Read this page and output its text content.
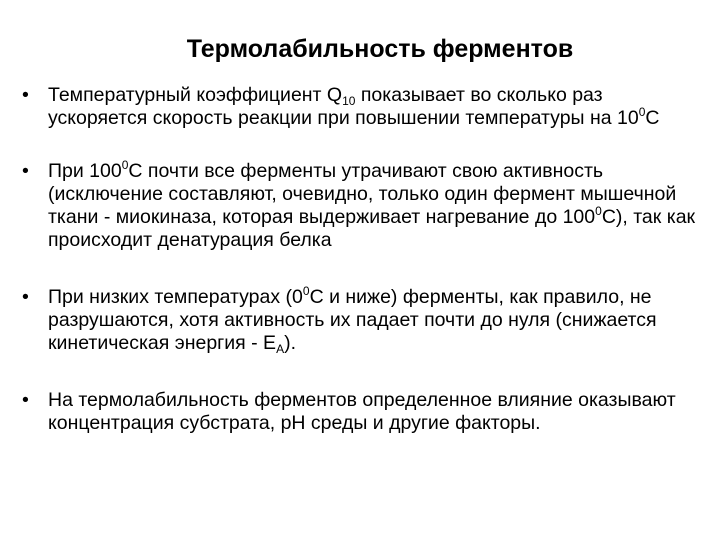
Термолабильность ферментов
• Температурный коэффициент $Q_{10}$ показывает во сколько раз ускоряется скорость реакции при повышении температуры на $10^0С$
• При $100^0С$ почти все ферменты утрачивают свою активность (исключение составляют, очевидно, только один фермент мышечной ткани - миокиназа, которая выдерживает нагревание до $100^0С$), так как происходит денатурация белка
• При низких температурах ($0^0С$ и ниже) ферменты, как правило, не разрушаются, хотя активность их падает почти до нуля (снижается кинетическая энергия - $Е_А$).
• На термолабильность ферментов определенное влияние оказывают концентрация субстрата, рН среды и другие факторы.
